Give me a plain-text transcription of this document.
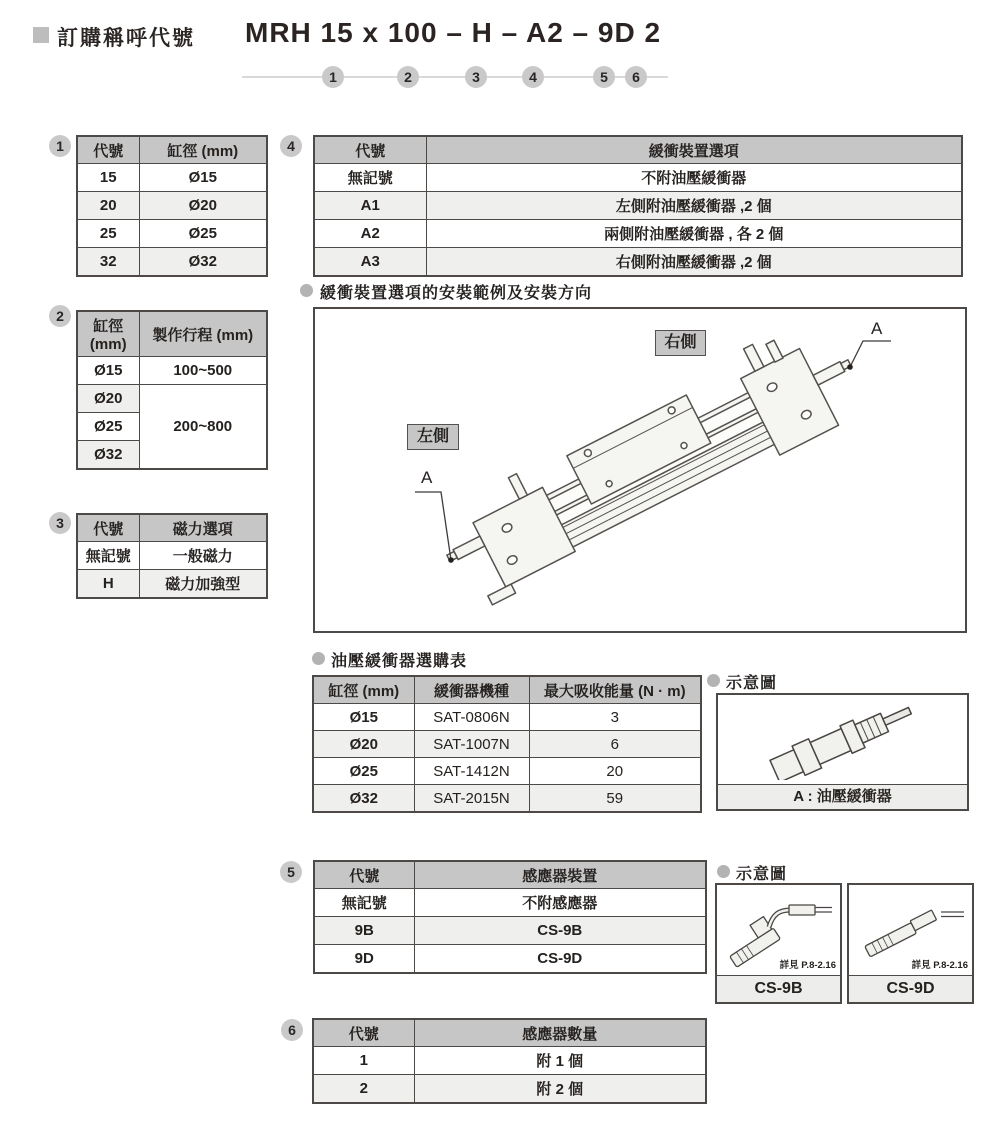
訂購稱呼代號 MRH 15 x 100 – H – A2 – 9D 2
1	2	3	4	5	6
1	代號	缸徑 (mm)
15	Ø15
20	Ø20
25	Ø25
32	Ø32
2
缸徑 (mm)	製作行程 (mm)
Ø15	100~500
Ø20	200~800
Ø25	
Ø32	
3	代號	磁力選項
無記號	一般磁力
H	磁力加強型
4	代號	緩衝裝置選項
無記號	不附油壓緩衝器
A1	左側附油壓緩衝器 ,2 個
A2	兩側附油壓緩衝器 , 各 2 個
A3	右側附油壓緩衝器 ,2 個
緩衝裝置選項的安裝範例及安裝方向
右側
左側
A
A
油壓緩衝器選購表
缸徑 (mm)	緩衝器機種	最大吸收能量 (N · m)
Ø15	SAT-0806N	3
Ø20	SAT-1007N	6
Ø25	SAT-1412N	20
Ø32	SAT-2015N	59
示意圖
A : 油壓緩衝器
5	代號	感應器裝置
無記號	不附感應器
9B	CS-9B
9D	CS-9D
示意圖
詳見 P.8-2.16
CS-9B
詳見 P.8-2.16
CS-9D
6	代號	感應器數量
1	附 1 個
2	附 2 個
